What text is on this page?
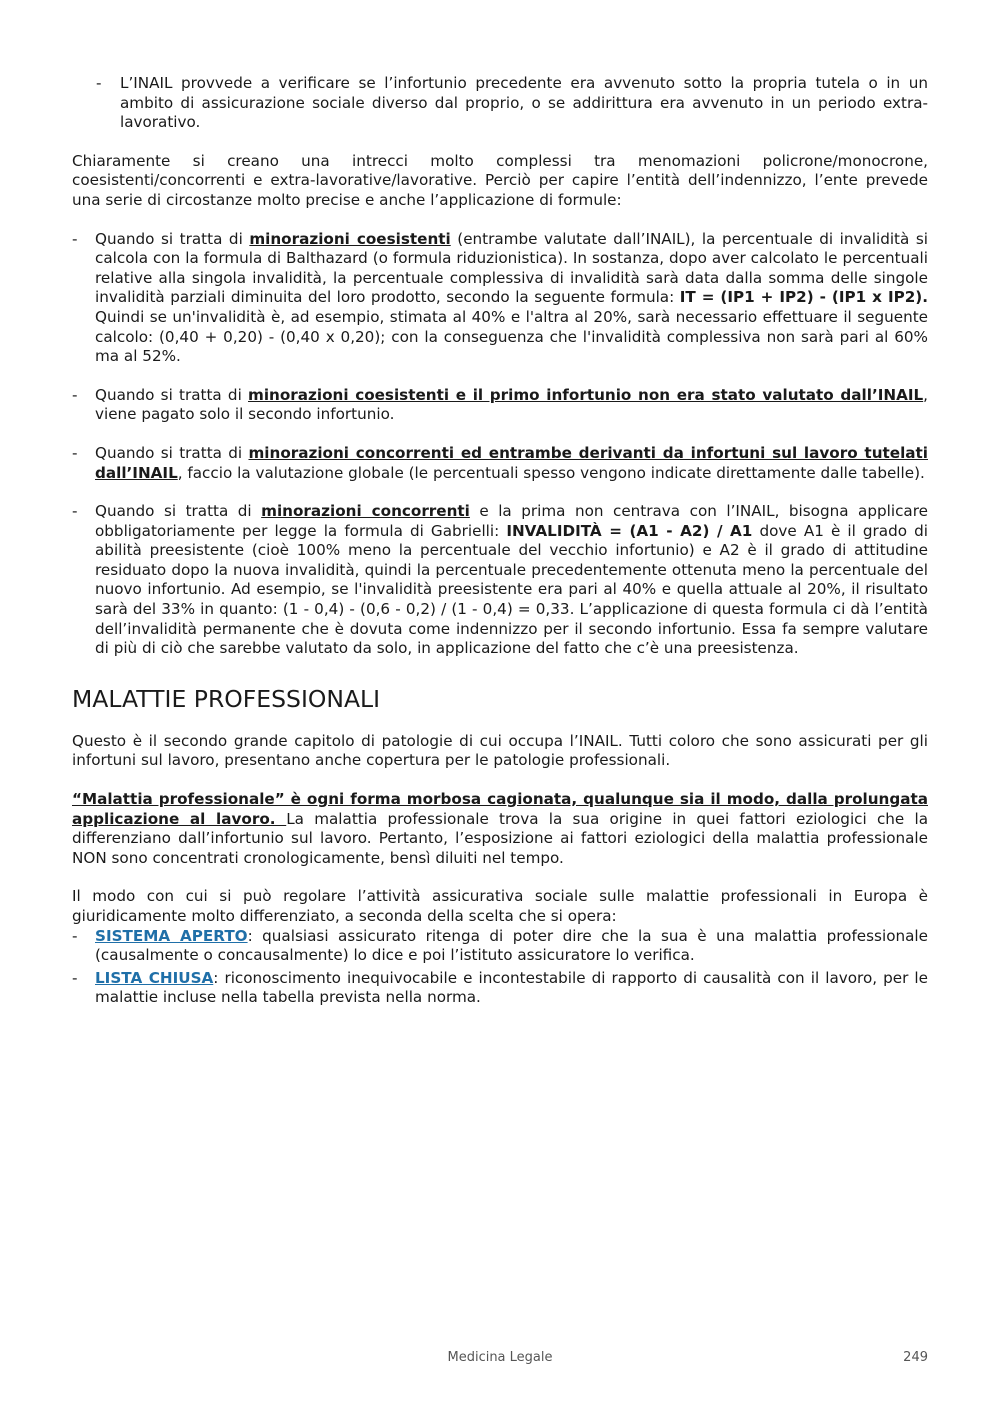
- L’INAIL provvede a verificare se l’infortunio precedente era avvenuto sotto la propria tutela o in un ambito di assicurazione sociale diverso dal proprio, o se addirittura era avvenuto in un periodo extra-lavorativo.

Chiaramente si creano una intrecci molto complessi tra menomazioni policrone/monocrone, coesistenti/concorrenti e extra-lavorative/lavorative. Perciò per capire l’entità dell’indennizzo, l’ente prevede una serie di circostanze molto precise e anche l’applicazione di formule:

- Quando si tratta di minorazioni coesistenti (entrambe valutate dall’INAIL), la percentuale di invalidità si calcola con la formula di Balthazard (o formula riduzionistica). In sostanza, dopo aver calcolato le percentuali relative alla singola invalidità, la percentuale complessiva di invalidità sarà data dalla somma delle singole invalidità parziali diminuita del loro prodotto, secondo la seguente formula: IT = (IP1 + IP2) - (IP1 x IP2). Quindi se un'invalidità è, ad esempio, stimata al 40% e l'altra al 20%, sarà necessario effettuare il seguente calcolo: (0,40 + 0,20) - (0,40 x 0,20); con la conseguenza che l'invalidità complessiva non sarà pari al 60% ma al 52%.
- Quando si tratta di minorazioni coesistenti e il primo infortunio non era stato valutato dall’INAIL, viene pagato solo il secondo infortunio.
- Quando si tratta di minorazioni concorrenti ed entrambe derivanti da infortuni sul lavoro tutelati dall’INAIL, faccio la valutazione globale (le percentuali spesso vengono indicate direttamente dalle tabelle).
- Quando si tratta di minorazioni concorrenti e la prima non centrava con l’INAIL, bisogna applicare obbligatoriamente per legge la formula di Gabrielli: INVALIDITÀ = (A1 - A2) / A1 dove A1 è il grado di abilità preesistente (cioè 100% meno la percentuale del vecchio infortunio) e A2 è il grado di attitudine residuato dopo la nuova invalidità, quindi la percentuale precedentemente ottenuta meno la percentuale del nuovo infortunio. Ad esempio, se l'invalidità preesistente era pari al 40% e quella attuale al 20%, il risultato sarà del 33% in quanto: (1 - 0,4) - (0,6 - 0,2) / (1 - 0,4) = 0,33. L’applicazione di questa formula ci dà l’entità dell’invalidità permanente che è dovuta come indennizzo per il secondo infortunio. Essa fa sempre valutare di più di ciò che sarebbe valutato da solo, in applicazione del fatto che c’è una preesistenza.
MALATTIE PROFESSIONALI

Questo è il secondo grande capitolo di patologie di cui occupa l’INAIL. Tutti coloro che sono assicurati per gli infortuni sul lavoro, presentano anche copertura per le patologie professionali.

“Malattia professionale” è ogni forma morbosa cagionata, qualunque sia il modo, dalla prolungata applicazione al lavoro. La malattia professionale trova la sua origine in quei fattori eziologici che la differenziano dall’infortunio sul lavoro. Pertanto, l’esposizione ai fattori eziologici della malattia professionale NON sono concentrati cronologicamente, bensì diluiti nel tempo.

Il modo con cui si può regolare l’attività assicurativa sociale sulle malattie professionali in Europa è giuridicamente molto differenziato, a seconda della scelta che si opera:

- SISTEMA APERTO: qualsiasi assicurato ritenga di poter dire che la sua è una malattia professionale (causalmente o concausalmente) lo dice e poi l’istituto assicuratore lo verifica.
- LISTA CHIUSA: riconoscimento inequivocabile e incontestabile di rapporto di causalità con il lavoro, per le malattie incluse nella tabella prevista nella norma.
Medicina Legale	249
